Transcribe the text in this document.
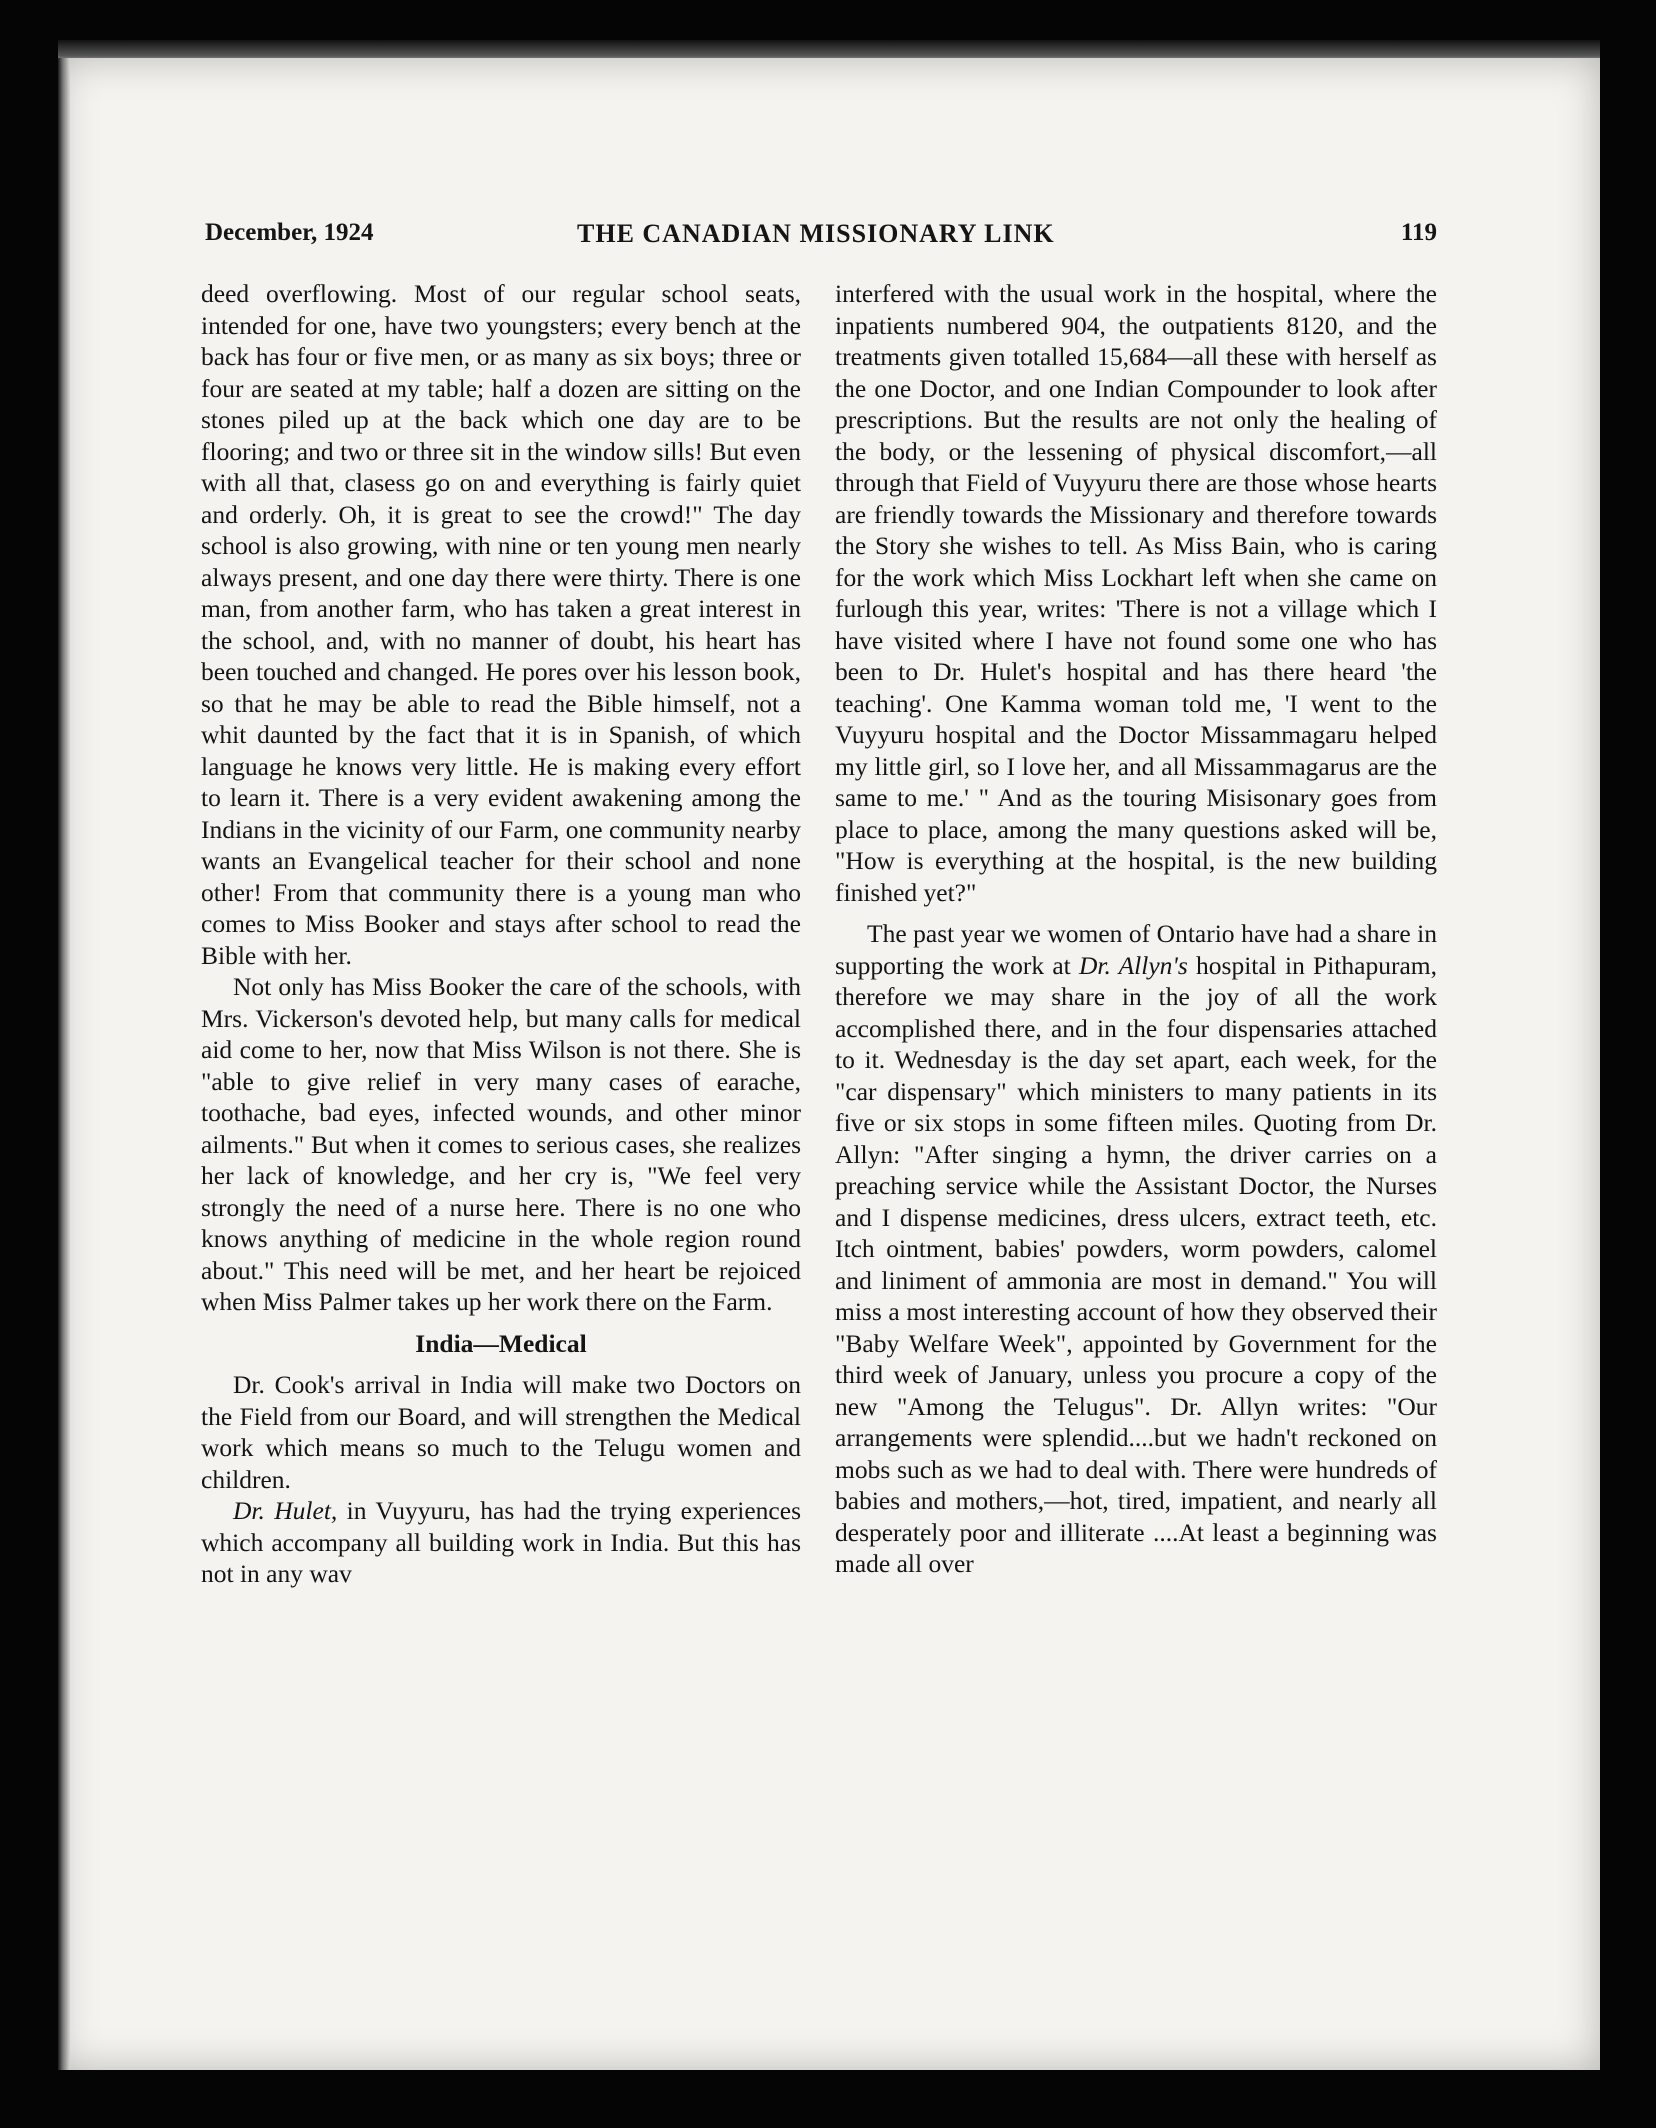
December, 1924	THE CANADIAN MISSIONARY LINK	119

deed overflowing. Most of our regular school seats, intended for one, have two youngsters; every bench at the back has four or five men, or as many as six boys; three or four are seated at my table; half a dozen are sitting on the stones piled up at the back which one day are to be flooring; and two or three sit in the window sills! But even with all that, clasess go on and everything is fairly quiet and orderly. Oh, it is great to see the crowd!" The day school is also growing, with nine or ten young men nearly always present, and one day there were thirty. There is one man, from another farm, who has taken a great interest in the school, and, with no manner of doubt, his heart has been touched and changed. He pores over his lesson book, so that he may be able to read the Bible himself, not a whit daunted by the fact that it is in Spanish, of which language he knows very little. He is making every effort to learn it. There is a very evident awakening among the Indians in the vicinity of our Farm, one community nearby wants an Evangelical teacher for their school and none other! From that community there is a young man who comes to Miss Booker and stays after school to read the Bible with her.

Not only has Miss Booker the care of the schools, with Mrs. Vickerson's devoted help, but many calls for medical aid come to her, now that Miss Wilson is not there. She is "able to give relief in very many cases of earache, toothache, bad eyes, infected wounds, and other minor ailments." But when it comes to serious cases, she realizes her lack of knowledge, and her cry is, "We feel very strongly the need of a nurse here. There is no one who knows anything of medicine in the whole region round about." This need will be met, and her heart be rejoiced when Miss Palmer takes up her work there on the Farm.

India—Medical

Dr. Cook's arrival in India will make two Doctors on the Field from our Board, and will strengthen the Medical work which means so much to the Telugu women and children.

Dr. Hulet, in Vuyyuru, has had the trying experiences which accompany all building work in India. But this has not in any wav

interfered with the usual work in the hospital, where the inpatients numbered 904, the outpatients 8120, and the treatments given totalled 15,684—all these with herself as the one Doctor, and one Indian Compounder to look after prescriptions. But the results are not only the healing of the body, or the lessening of physical discomfort,—all through that Field of Vuyyuru there are those whose hearts are friendly towards the Missionary and therefore towards the Story she wishes to tell. As Miss Bain, who is caring for the work which Miss Lockhart left when she came on furlough this year, writes: 'There is not a village which I have visited where I have not found some one who has been to Dr. Hulet's hospital and has there heard 'the teaching'. One Kamma woman told me, 'I went to the Vuyyuru hospital and the Doctor Missammagaru helped my little girl, so I love her, and all Missammagarus are the same to me.' " And as the touring Misisonary goes from place to place, among the many questions asked will be, "How is everything at the hospital, is the new building finished yet?"

The past year we women of Ontario have had a share in supporting the work at Dr. Allyn's hospital in Pithapuram, therefore we may share in the joy of all the work accomplished there, and in the four dispensaries attached to it. Wednesday is the day set apart, each week, for the "car dispensary" which ministers to many patients in its five or six stops in some fifteen miles. Quoting from Dr. Allyn: "After singing a hymn, the driver carries on a preaching service while the Assistant Doctor, the Nurses and I dispense medicines, dress ulcers, extract teeth, etc. Itch ointment, babies' powders, worm powders, calomel and liniment of ammonia are most in demand." You will miss a most interesting account of how they observed their "Baby Welfare Week", appointed by Government for the third week of January, unless you procure a copy of the new "Among the Telugus". Dr. Allyn writes: "Our arrangements were splendid....but we hadn't reckoned on mobs such as we had to deal with. There were hundreds of babies and mothers,—hot, tired, impatient, and nearly all desperately poor and illiterate ....At least a beginning was made all over
